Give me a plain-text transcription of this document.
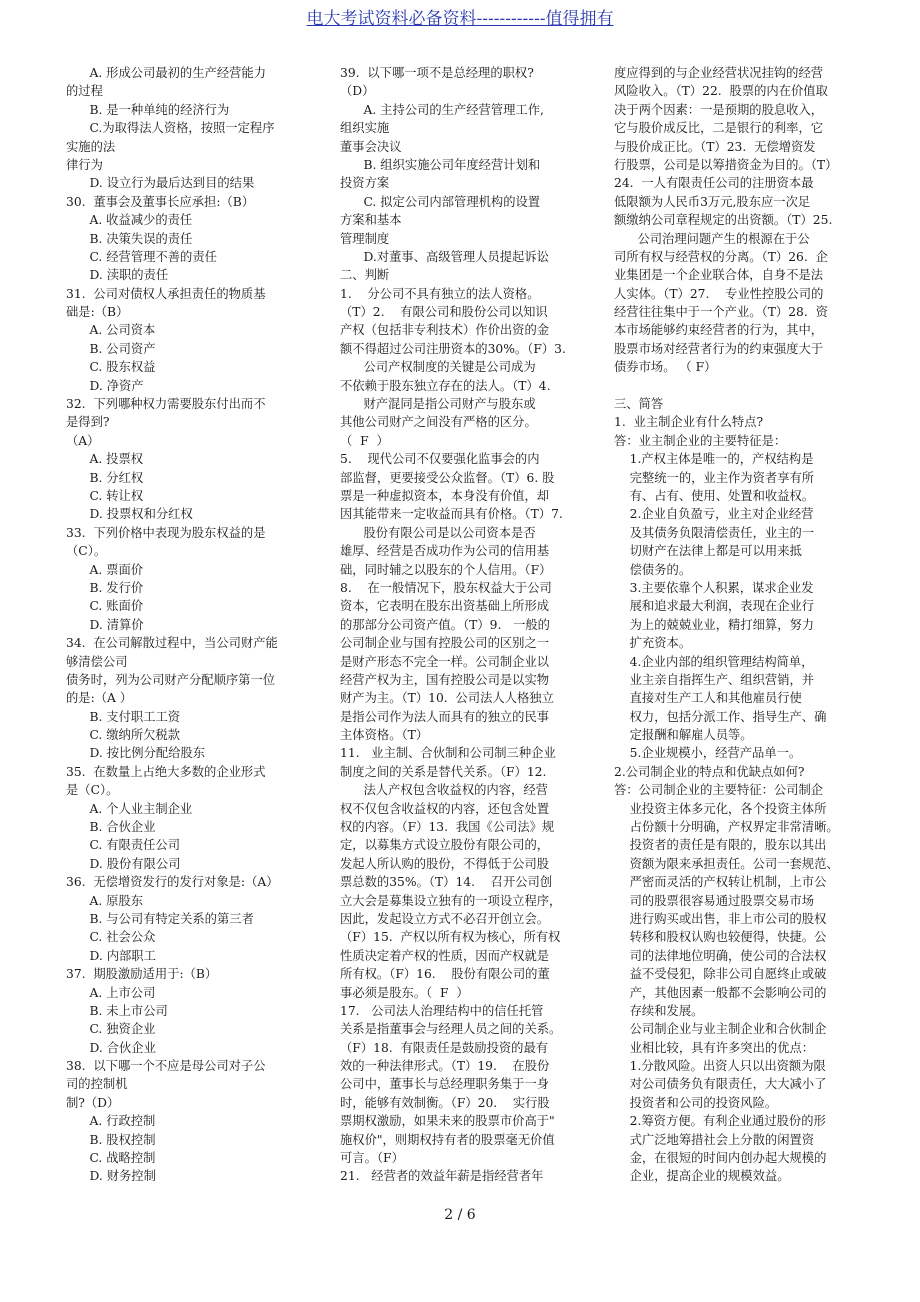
电大考试资料必备资料------------值得拥有
A. 形成公司最初的生产经营能力
的过程
B. 是一种单纯的经济行为
C.为取得法人资格，按照一定程序
实施的法
律行为
D. 设立行为最后达到目的结果
30.  董事会及董事长应承担:（B）
A. 收益减少的责任
B. 决策失误的责任
C. 经营管理不善的责任
D. 渎职的责任
31.  公司对债权人承担责任的物质基
础是:（B）
A. 公司资本
B. 公司资产
C. 股东权益
D. 净资产
32.  下列哪种权力需要股东付出而不
是得到?
（A）
A. 投票权
B. 分红权
C. 转让权
D. 投票权和分红权
33.  下列价格中表现为股东权益的是
（C）。
A. 票面价
B. 发行价
C. 账面价
D. 清算价
34.  在公司解散过程中，当公司财产能
够清偿公司
债务时，列为公司财产分配顺序第一位
的是:（A ）
B. 支付职工工资
C. 缴纳所欠税款
D. 按比例分配给股东
35.  在数量上占绝大多数的企业形式
是（C）。
A. 个人业主制企业
B. 合伙企业
C. 有限责任公司
D. 股份有限公司
36.  无偿增资发行的发行对象是:（A）
A. 原股东
B. 与公司有特定关系的第三者
C. 社会公众
D. 内部职工
37.  期股激励适用于:（B）
A. 上市公司
B. 未上市公司
C. 独资企业
D. 合伙企业
38.  以下哪一个不应是母公司对子公
司的控制机
制?（D）
A. 行政控制
B. 股权控制
C. 战略控制
D. 财务控制
39.  以下哪一项不是总经理的职权?
（D）
A. 主持公司的生产经营管理工作,
组织实施
董事会决议
B. 组织实施公司年度经营计划和
投资方案
C. 拟定公司内部管理机构的设置
方案和基本
管理制度
D.对董事、高级管理人员提起诉讼
二、判断
1.    分公司不具有独立的法人资格。
（T）2.    有限公司和股份公司以知识
产权（包括非专利技术）作价出资的金
额不得超过公司注册资本的30%。（F）3.
公司产权制度的关键是公司成为
不依赖于股东独立存在的法人。（T）4.
财产混同是指公司财产与股东或
其他公司财产之间没有严格的区分。
（  F  ）
5.    现代公司不仅要强化监事会的内
部监督，更要接受公众监督。（T）6. 股
票是一种虚拟资本，本身没有价值，却
因其能带来一定收益而具有价格。（T）7.
股份有限公司是以公司资本是否
雄厚、经营是否成功作为公司的信用基
础，同时辅之以股东的个人信用。（F）
8.    在一般情况下，股东权益大于公司
资本，它表明在股东出资基础上所形成
的那部分公司资产值。（T）9.   一般的
公司制企业与国有控股公司的区别之一
是财产形态不完全一样。公司制企业以
经营产权为主，国有控股公司是以实物
财产为主。（T）10.  公司法人人格独立
是指公司作为法人而具有的独立的民事
主体资格。（T）
11.   业主制、合伙制和公司制三种企业
制度之间的关系是替代关系。（F）12.
法人产权包含收益权的内容，经营
权不仅包含收益权的内容，还包含处置
权的内容。（F）13.  我国《公司法》规
定，以募集方式设立股份有限公司的，
发起人所认购的股份，不得低于公司股
票总数的35%。（T）14.    召开公司创
立大会是募集设立独有的一项设立程序，
因此，发起设立方式不必召开创立会。
（F）15.  产权以所有权为核心，所有权
性质决定着产权的性质，因而产权就是
所有权。（F）16.    股份有限公司的董
事必须是股东。（  F  ）
17.   公司法人治理结构中的信任托管
关系是指董事会与经理人员之间的关系。
（F）18.  有限责任是鼓励投资的最有
效的一种法律形式。（T）19.    在股份
公司中，董事长与总经理职务集于一身
时，能够有效制衡。（F）20.    实行股
票期权激励，如果未来的股票市价高于"
施权价"，则期权持有者的股票毫无价值
可言。（F）
21.   经营者的效益年薪是指经营者年
度应得到的与企业经营状况挂钩的经营
风险收入。（T）22.  股票的内在价值取
决于两个因素：一是预期的股息收入，
它与股价成反比，二是银行的利率，它
与股价成正比。（T）23.  无偿增资发
行股票，公司是以筹措资金为目的。（T）
24.  一人有限责任公司的注册资本最
低限额为人民币3万元,股东应一次足
额缴纳公司章程规定的出资额。（T）25.
公司治理问题产生的根源在于公
司所有权与经营权的分离。（T）26.  企
业集团是一个企业联合体，自身不是法
人实体。（T）27.    专业性控股公司的
经营往往集中于一个产业。（T）28.  资
本市场能够约束经营者的行为，其中，
股票市场对经营者行为的约束强度大于
债券市场。 （ F）
三、简答
1.  业主制企业有什么特点?
答：业主制企业的主要特征是：
1.产权主体是唯一的，产权结构是
完整统一的，业主作为资者享有所
有、占有、使用、处置和收益权。
2.企业自负盈亏，业主对企业经营
及其债务负限清偿责任，业主的一
切财产在法律上都是可以用来抵
偿债务的。
3.主要依靠个人积累，谋求企业发
展和追求最大利润，表现在企业行
为上的兢兢业业，精打细算，努力
扩充资本。
4.企业内部的组织管理结构简单，
业主亲自指挥生产、组织营销，并
直接对生产工人和其他雇员行使
权力，包括分派工作、指导生产、确
定报酬和解雇人员等。
5.企业规模小，经营产品单一。
2.公司制企业的特点和优缺点如何?
答：公司制企业的主要特征：公司制企
业投资主体多元化，各个投资主体所
占份额十分明确，产权界定非常清晰。
投资者的责任是有限的，股东以其出
资额为限来承担责任。公司一套规范、
严密而灵活的产权转让机制，上市公
司的股票很容易通过股票交易市场
进行购买或出售，非上市公司的股权
转移和股权认购也较便得，快捷。公
司的法律地位明确，使公司的合法权
益不受侵犯，除非公司自愿终止或破
产，其他因素一般都不会影响公司的
存续和发展。
公司制企业与业主制企业和合伙制企
业相比较，具有许多突出的优点：
1.分散风险。出资人只以出资额为限
对公司债务负有限责任，大大减小了
投资者和公司的投资风险。
2.筹资方便。有利企业通过股份的形
式广泛地筹措社会上分散的闲置资
金，在很短的时间内创办起大规模的
企业，提高企业的规模效益。
2 / 6
